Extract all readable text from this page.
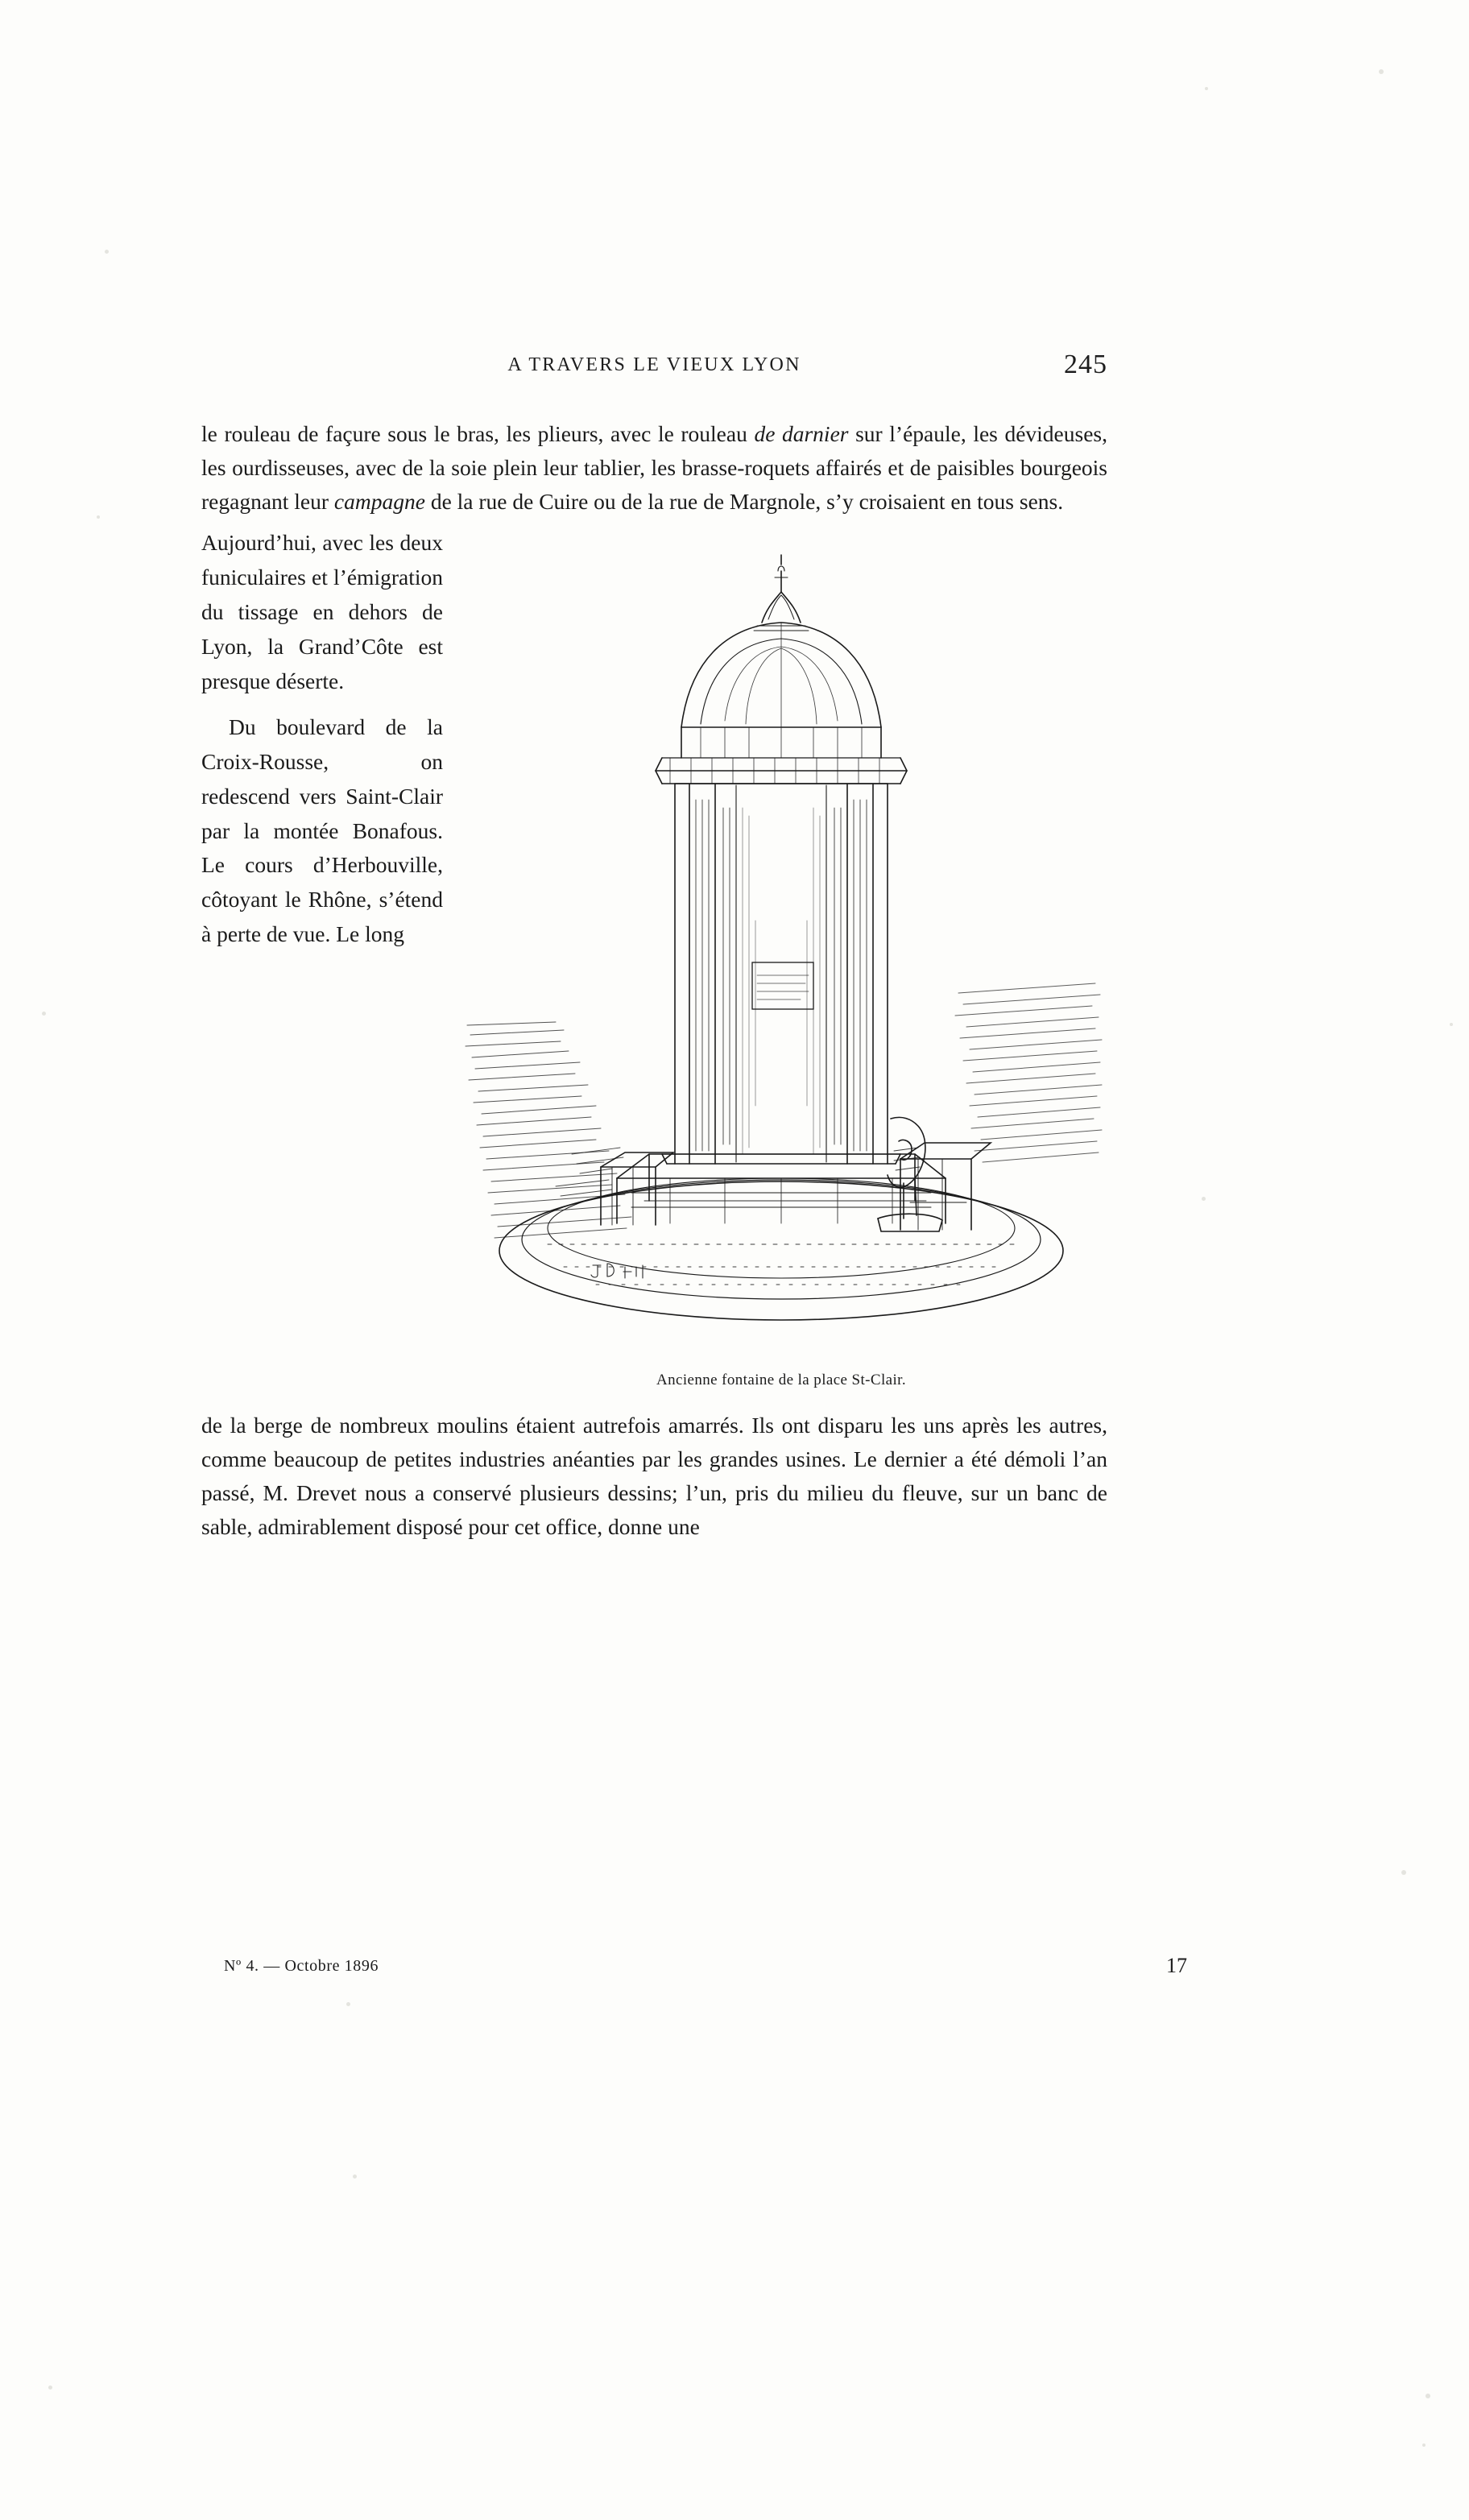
A TRAVERS LE VIEUX LYON	245

le rouleau de façure sous le bras, les plieurs, avec le rouleau de darnier sur l’épaule, les dévideuses, les ourdisseuses, avec de la soie plein leur tablier, les brasse-roquets affairés et de paisibles bourgeois regagnant leur campagne de la rue de Cuire ou de la rue de Margnole, s’y croisaient en tous sens.

Aujourd’hui, avec les deux funiculaires et l’émigration du tissage en dehors de Lyon, la Grand’Côte est presque déserte.

Du boulevard de la Croix-Rousse, on redescend vers Saint-Clair par la montée Bonafous. Le cours d’Herbouville, côtoyant le Rhône, s’étend à perte de vue. Le long

Ancienne fontaine de la place St-Clair.

de la berge de nombreux moulins étaient autrefois amarrés. Ils ont disparu les uns après les autres, comme beaucoup de petites industries anéanties par les grandes usines. Le dernier a été démoli l’an passé, M. Drevet nous a conservé plusieurs dessins; l’un, pris du milieu du fleuve, sur un banc de sable, admirablement disposé pour cet office, donne une

Nº 4. — Octobre 1896	17
